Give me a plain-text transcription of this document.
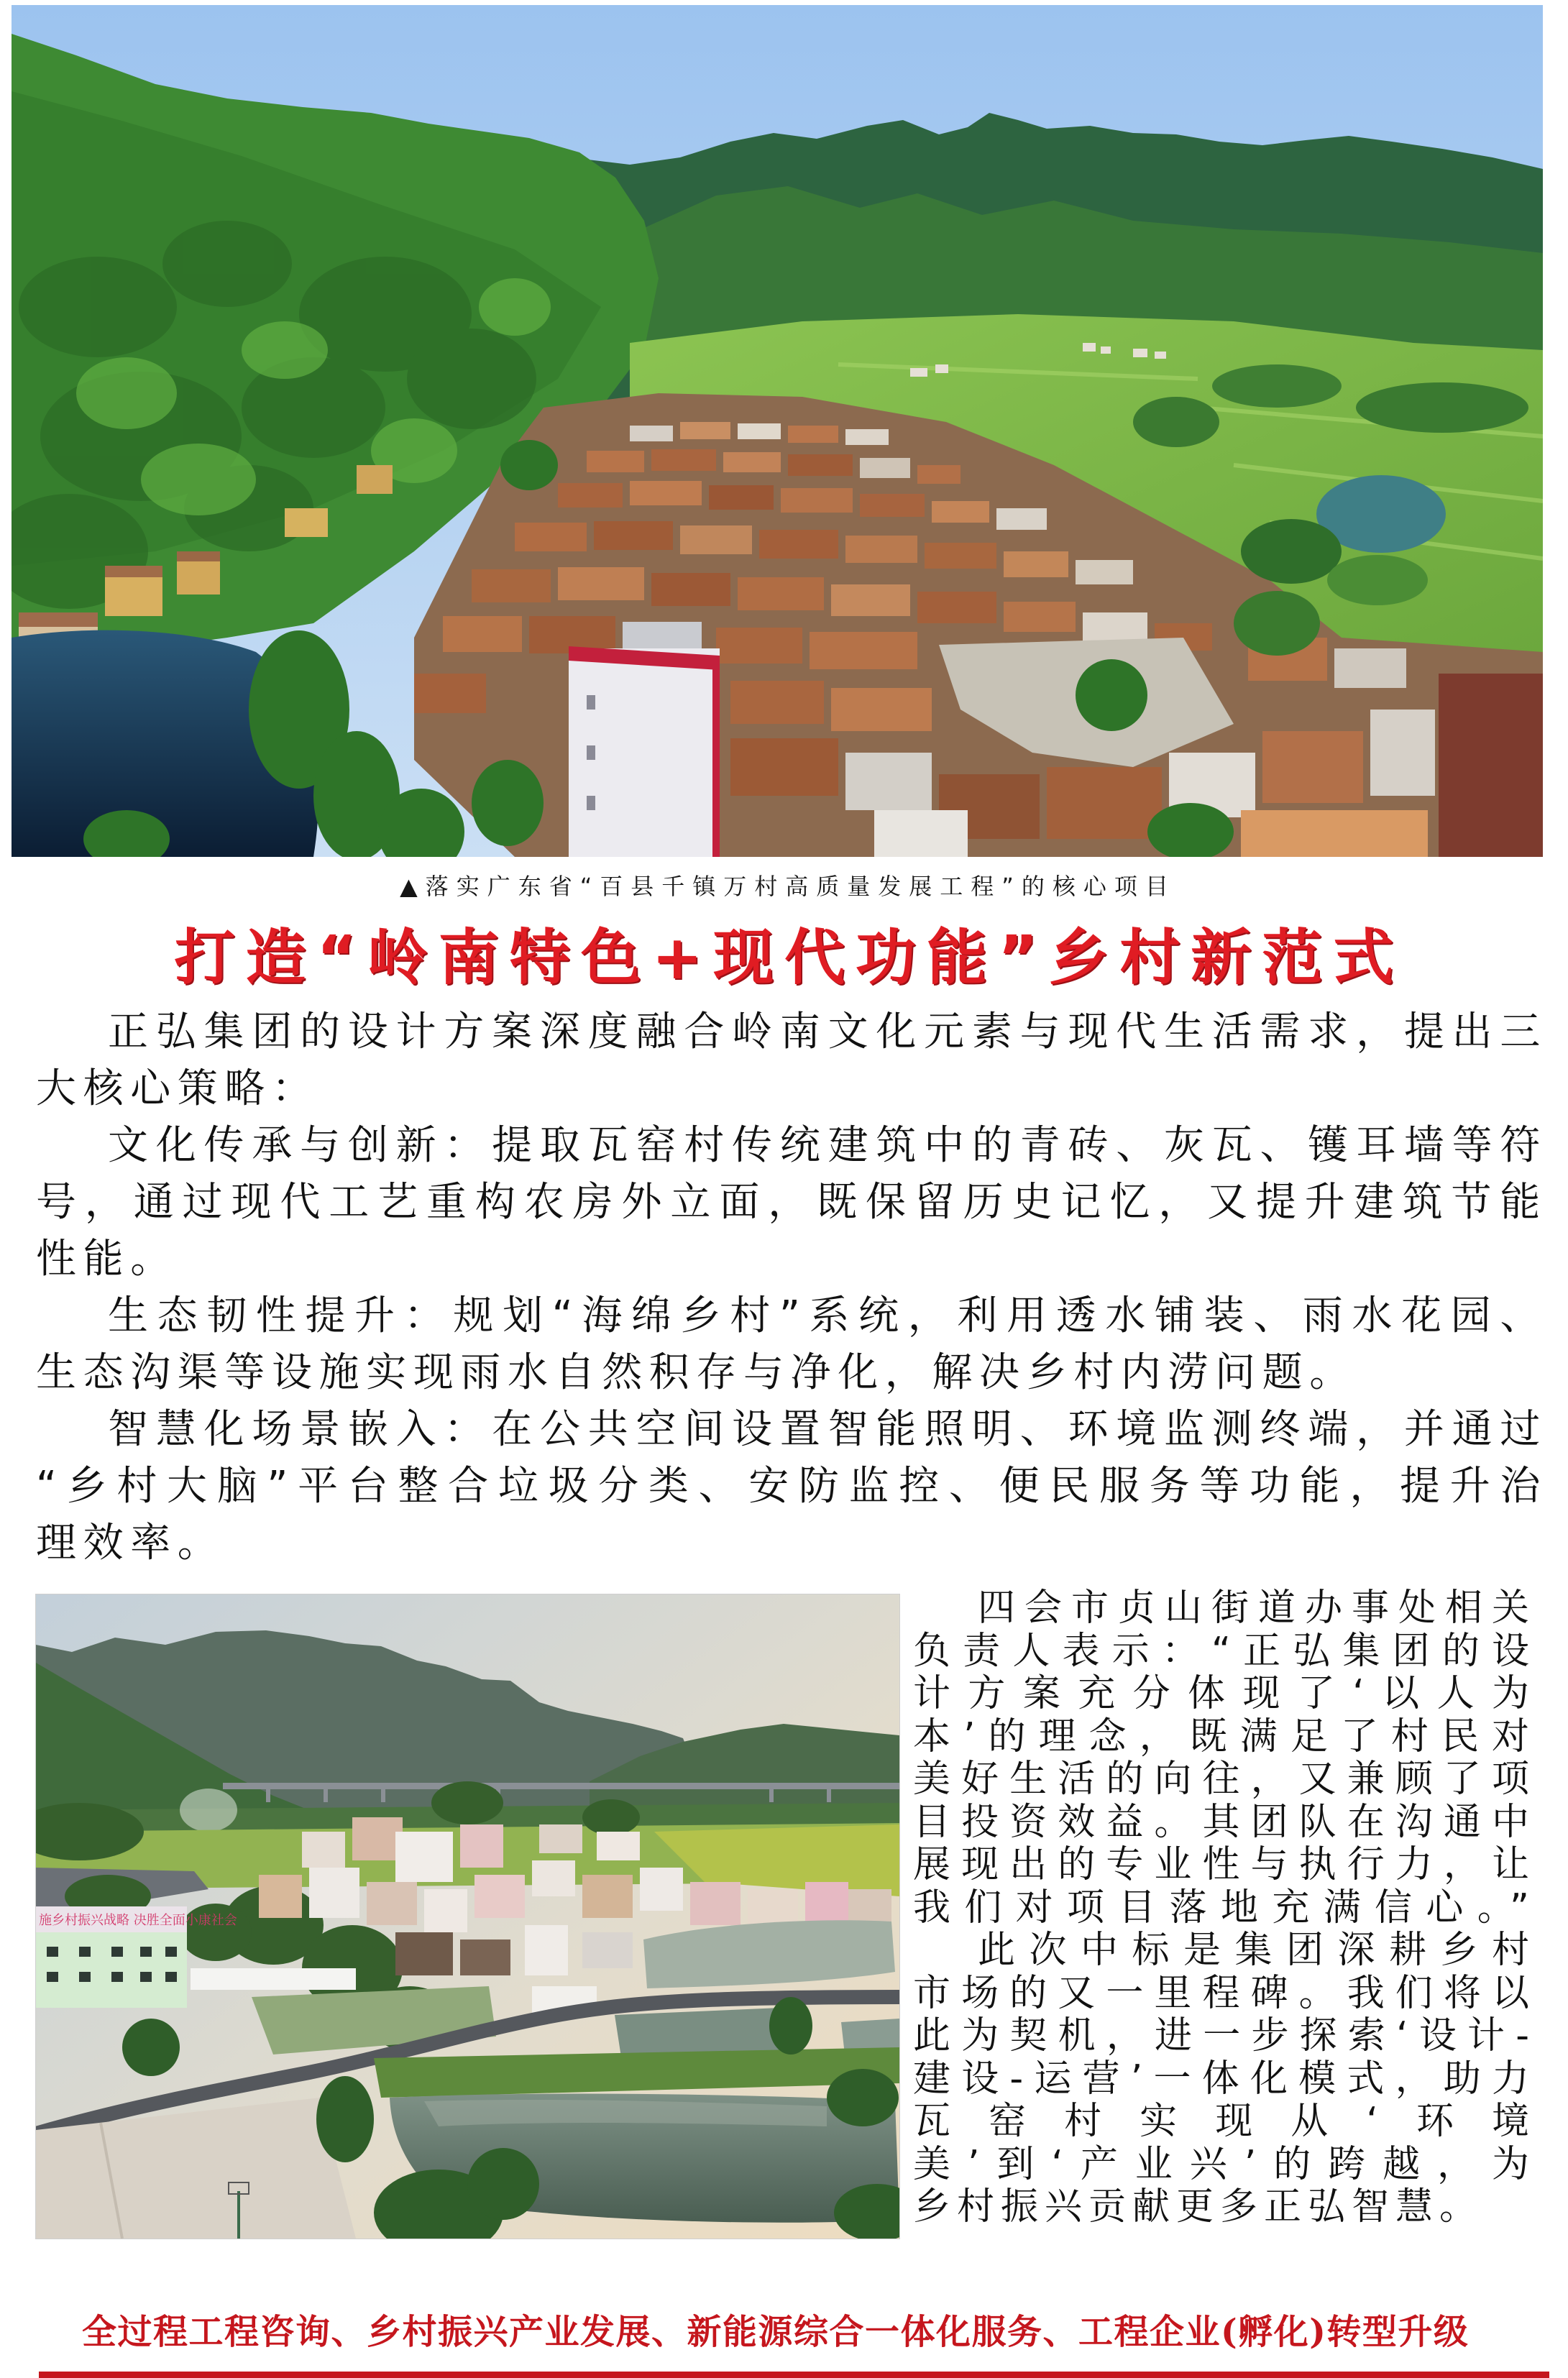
▲落实广东省“百县千镇万村高质量发展工程”的核心项目
打造“岭南特色+现代功能”乡村新范式
正弘集团的设计方案深度融合岭南文化元素与现代生活需求，提出三
大核心策略：
文化传承与创新：提取瓦窑村传统建筑中的青砖、灰瓦、镬耳墙等符
号，通过现代工艺重构农房外立面，既保留历史记忆，又提升建筑节能
性能。
生态韧性提升：规划“海绵乡村”系统，利用透水铺装、雨水花园、
生态沟渠等设施实现雨水自然积存与净化，解决乡村内涝问题。
智慧化场景嵌入：在公共空间设置智能照明、环境监测终端，并通过
“乡村大脑”平台整合垃圾分类、安防监控、便民服务等功能，提升治
理效率。
施乡村振兴战略 决胜全面小康社会
四会市贞山街道办事处相关
负责人表示：“正弘集团的设
计方案充分体现了‘以人为
本’的理念，既满足了村民对
美好生活的向往，又兼顾了项
目投资效益。其团队在沟通中
展现出的专业性与执行力，让
我们对项目落地充满信心。”
此次中标是集团深耕乡村
市场的又一里程碑。我们将以
此为契机，进一步探索‘设计-
建设-运营’一体化模式，助力
瓦窑村实现从‘环境
美’到‘产业兴’的跨越，为
乡村振兴贡献更多正弘智慧。
全过程工程咨询、乡村振兴产业发展、新能源综合一体化服务、工程企业(孵化)转型升级
